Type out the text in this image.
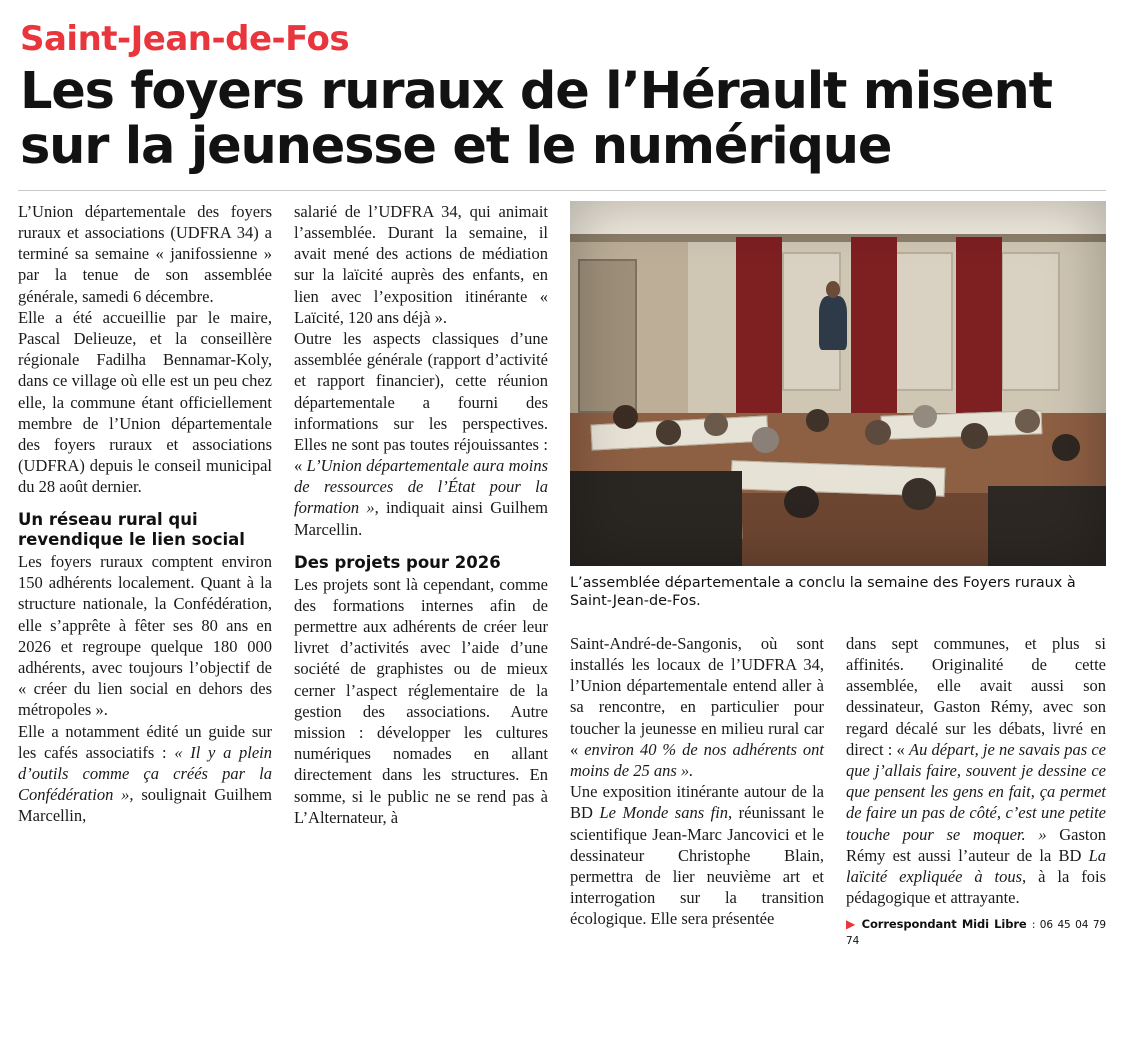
Saint-Jean-de-Fos
Les foyers ruraux de l’Hérault misent sur la jeunesse et le numérique

L’Union départementale des foyers ruraux et associations (UDFRA 34) a terminé sa semaine « janifossienne » par la tenue de son assemblée générale, samedi 6 décembre.

Elle a été accueillie par le maire, Pascal Delieuze, et la conseillère régionale Fadilha Bennamar-Koly, dans ce village où elle est un peu chez elle, la commune étant officiellement membre de l’Union départementale des foyers ruraux et associations (UDFRA) depuis le conseil municipal du 28 août dernier.

Un réseau rural qui revendique le lien social

Les foyers ruraux comptent environ 150 adhérents localement. Quant à la structure nationale, la Confédération, elle s’apprête à fêter ses 80 ans en 2026 et regroupe quelque 180 000 adhérents, avec toujours l’objectif de « créer du lien social en dehors des métropoles ».

Elle a notamment édité un guide sur les cafés associatifs : « Il y a plein d’outils comme ça créés par la Confédération », soulignait Guilhem Marcellin,

salarié de l’UDFRA 34, qui animait l’assemblée. Durant la semaine, il avait mené des actions de médiation sur la laïcité auprès des enfants, en lien avec l’exposition itinérante « Laïcité, 120 ans déjà ».

Outre les aspects classiques d’une assemblée générale (rapport d’activité et rapport financier), cette réunion départementale a fourni des informations sur les perspectives. Elles ne sont pas toutes réjouissantes : « L’Union départementale aura moins de ressources de l’État pour la formation », indiquait ainsi Guilhem Marcellin.

Des projets pour 2026

Les projets sont là cependant, comme des formations internes afin de permettre aux adhérents de créer leur livret d’activités avec l’aide d’une société de graphistes ou de mieux cerner l’aspect réglementaire de la gestion des associations. Autre mission : développer les cultures numériques nomades en allant directement dans les structures. En somme, si le public ne se rend pas à L’Alternateur, à

L’assemblée départementale a conclu la semaine des Foyers ruraux à Saint-Jean-de-Fos.

Saint-André-de-Sangonis, où sont installés les locaux de l’UDFRA 34, l’Union départementale entend aller à sa rencontre, en particulier pour toucher la jeunesse en milieu rural car « environ 40 % de nos adhérents ont moins de 25 ans ».

Une exposition itinérante autour de la BD Le Monde sans fin, réunissant le scientifique Jean-Marc Jancovici et le dessinateur Christophe Blain, permettra de lier neuvième art et interrogation sur la transition écologique. Elle sera présentée

dans sept communes, et plus si affinités. Originalité de cette assemblée, elle avait aussi son dessinateur, Gaston Rémy, avec son regard décalé sur les débats, livré en direct : « Au départ, je ne savais pas ce que j’allais faire, souvent je dessine ce que pensent les gens en fait, ça permet de faire un pas de côté, c’est une petite touche pour se moquer. » Gaston Rémy est aussi l’auteur de la BD La laïcité expliquée à tous, à la fois pédagogique et attrayante.

▶ Correspondant Midi Libre : 06 45 04 79 74
